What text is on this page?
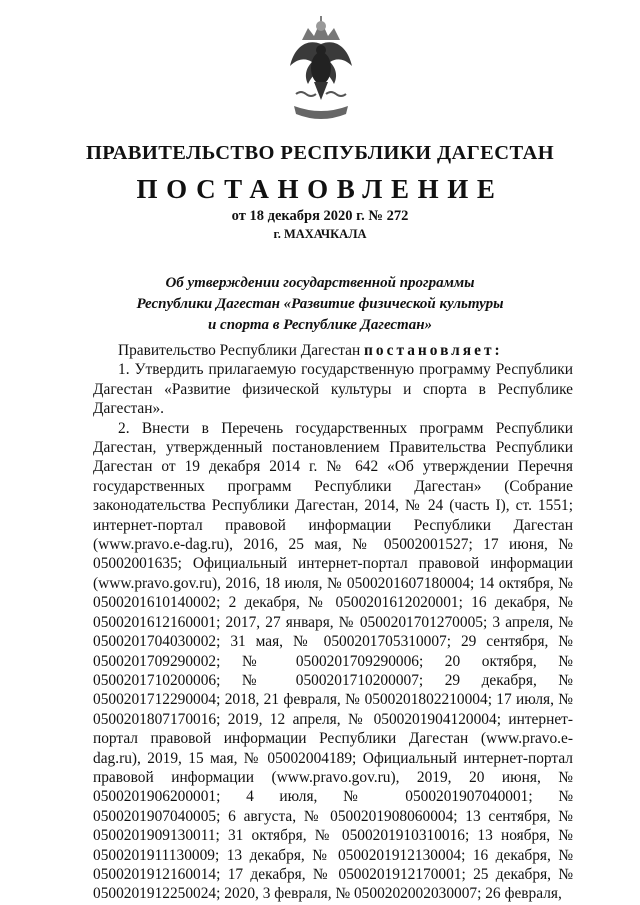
ПРАВИТЕЛЬСТВО РЕСПУБЛИКИ ДАГЕСТАН
ПОСТАНОВЛЕНИЕ
от 18 декабря 2020 г. № 272
г. МАХАЧКАЛА
Об утверждении государственной программы
Республики Дагестан «Развитие физической культуры
и спорта в Республике Дагестан»

Правительство Республики Дагестан постановляет:

1. Утвердить прилагаемую государственную программу Республики Дагестан «Развитие физической культуры и спорта в Республике Дагестан».

2. Внести в Перечень государственных программ Республики Дагестан, утвержденный постановлением Правительства Республики Дагестан от 19 декабря 2014 г. № 642 «Об утверждении Перечня государственных программ Республики Дагестан» (Собрание законодательства Республики Дагестан, 2014, № 24 (часть I), ст. 1551; интернет-портал правовой информации Республики Дагестан (www.pravo.e-dag.ru), 2016, 25 мая, № 05002001527; 17 июня, № 05002001635; Официальный интернет-портал правовой информации (www.pravo.gov.ru), 2016, 18 июля, № 0500201607180004; 14 октября, № 0500201610140002; 2 декабря, № 0500201612020001; 16 декабря, № 0500201612160001; 2017, 27 января, № 0500201701270005; 3 апреля, № 0500201704030002; 31 мая, № 0500201705310007; 29 сентября, № 0500201709290002; № 0500201709290006; 20 октября, № 0500201710200006; № 0500201710200007; 29 декабря, № 0500201712290004; 2018, 21 февраля, № 0500201802210004; 17 июля, № 0500201807170016; 2019, 12 апреля, № 0500201904120004; интернет-портал правовой информации Республики Дагестан (www.pravo.e-dag.ru), 2019, 15 мая, № 05002004189; Официальный интернет-портал правовой информации (www.pravo.gov.ru), 2019, 20 июня, № 0500201906200001; 4 июля, № 0500201907040001; № 0500201907040005; 6 августа, № 0500201908060004; 13 сентября, № 0500201909130011; 31 октября, № 0500201910310016; 13 ноября, № 0500201911130009; 13 декабря, № 0500201912130004; 16 декабря, № 0500201912160014; 17 декабря, № 0500201912170001; 25 декабря, № 0500201912250024; 2020, 3 февраля, № 0500202002030007; 26 февраля,
